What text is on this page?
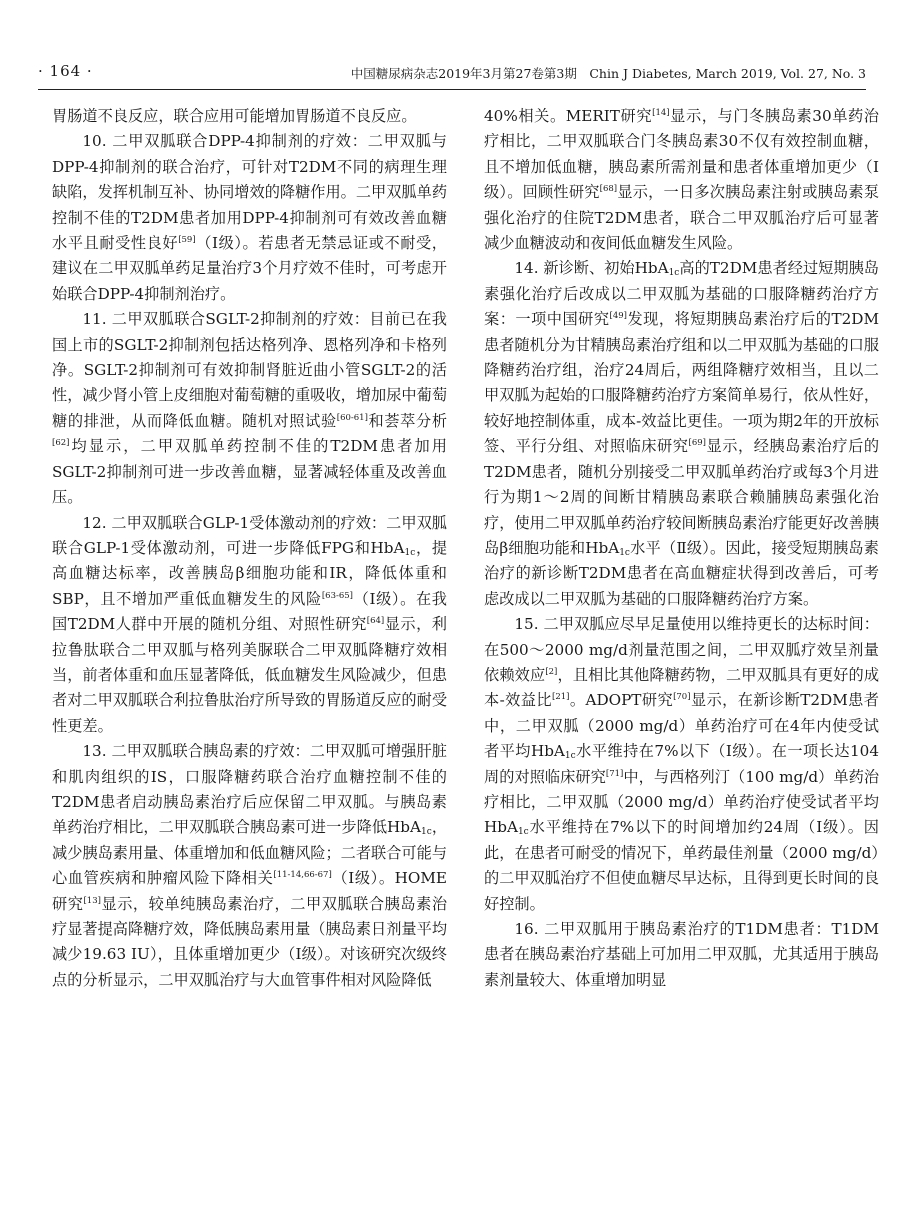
· 164 ·	中国糖尿病杂志2019年3月第27卷第3期　Chin J Diabetes, March 2019, Vol. 27, No. 3

胃肠道不良反应，联合应用可能增加胃肠道不良反应。

10. 二甲双胍联合DPP-4抑制剂的疗效：二甲双胍与DPP-4抑制剂的联合治疗，可针对T2DM不同的病理生理缺陷，发挥机制互补、协同增效的降糖作用。二甲双胍单药控制不佳的T2DM患者加用DPP-4抑制剂可有效改善血糖水平且耐受性良好[59]（Ⅰ级）。若患者无禁忌证或不耐受，建议在二甲双胍单药足量治疗3个月疗效不佳时，可考虑开始联合DPP-4抑制剂治疗。

11. 二甲双胍联合SGLT-2抑制剂的疗效：目前已在我国上市的SGLT-2抑制剂包括达格列净、恩格列净和卡格列净。SGLT-2抑制剂可有效抑制肾脏近曲小管SGLT-2的活性，减少肾小管上皮细胞对葡萄糖的重吸收，增加尿中葡萄糖的排泄，从而降低血糖。随机对照试验[60-61]和荟萃分析[62]均显示，二甲双胍单药控制不佳的T2DM患者加用SGLT-2抑制剂可进一步改善血糖，显著减轻体重及改善血压。

12. 二甲双胍联合GLP-1受体激动剂的疗效：二甲双胍联合GLP-1受体激动剂，可进一步降低FPG和HbA$_{1c}$，提高血糖达标率，改善胰岛β细胞功能和IR，降低体重和SBP，且不增加严重低血糖发生的风险[63-65]（Ⅰ级）。在我国T2DM人群中开展的随机分组、对照性研究[64]显示，利拉鲁肽联合二甲双胍与格列美脲联合二甲双胍降糖疗效相当，前者体重和血压显著降低，低血糖发生风险减少，但患者对二甲双胍联合利拉鲁肽治疗所导致的胃肠道反应的耐受性更差。

13. 二甲双胍联合胰岛素的疗效：二甲双胍可增强肝脏和肌肉组织的IS，口服降糖药联合治疗血糖控制不佳的T2DM患者启动胰岛素治疗后应保留二甲双胍。与胰岛素单药治疗相比，二甲双胍联合胰岛素可进一步降低HbA$_{1c}$，减少胰岛素用量、体重增加和低血糖风险；二者联合可能与心血管疾病和肿瘤风险下降相关[11-14,66-67]（Ⅰ级）。HOME研究[13]显示，较单纯胰岛素治疗，二甲双胍联合胰岛素治疗显著提高降糖疗效，降低胰岛素用量（胰岛素日剂量平均减少19.63 IU），且体重增加更少（Ⅰ级）。对该研究次级终点的分析显示，二甲双胍治疗与大血管事件相对风险降低

40%相关。MERIT研究[14]显示，与门冬胰岛素30单药治疗相比，二甲双胍联合门冬胰岛素30不仅有效控制血糖，且不增加低血糖，胰岛素所需剂量和患者体重增加更少（Ⅰ级）。回顾性研究[68]显示，一日多次胰岛素注射或胰岛素泵强化治疗的住院T2DM患者，联合二甲双胍治疗后可显著减少血糖波动和夜间低血糖发生风险。

14. 新诊断、初始HbA$_{1c}$高的T2DM患者经过短期胰岛素强化治疗后改成以二甲双胍为基础的口服降糖药治疗方案：一项中国研究[49]发现，将短期胰岛素治疗后的T2DM患者随机分为甘精胰岛素治疗组和以二甲双胍为基础的口服降糖药治疗组，治疗24周后，两组降糖疗效相当，且以二甲双胍为起始的口服降糖药治疗方案简单易行，依从性好，较好地控制体重，成本-效益比更佳。一项为期2年的开放标签、平行分组、对照临床研究[69]显示，经胰岛素治疗后的T2DM患者，随机分别接受二甲双胍单药治疗或每3个月进行为期1～2周的间断甘精胰岛素联合赖脯胰岛素强化治疗，使用二甲双胍单药治疗较间断胰岛素治疗能更好改善胰岛β细胞功能和HbA$_{1c}$水平（Ⅱ级）。因此，接受短期胰岛素治疗的新诊断T2DM患者在高血糖症状得到改善后，可考虑改成以二甲双胍为基础的口服降糖药治疗方案。

15. 二甲双胍应尽早足量使用以维持更长的达标时间：在500～2000 mg/d剂量范围之间，二甲双胍疗效呈剂量依赖效应[2]，且相比其他降糖药物，二甲双胍具有更好的成本-效益比[21]。ADOPT研究[70]显示，在新诊断T2DM患者中，二甲双胍（2000 mg/d）单药治疗可在4年内使受试者平均HbA$_{1c}$水平维持在7%以下（Ⅰ级）。在一项长达104周的对照临床研究[71]中，与西格列汀（100 mg/d）单药治疗相比，二甲双胍（2000 mg/d）单药治疗使受试者平均HbA$_{1c}$水平维持在7%以下的时间增加约24周（Ⅰ级）。因此，在患者可耐受的情况下，单药最佳剂量（2000 mg/d）的二甲双胍治疗不但使血糖尽早达标，且得到更长时间的良好控制。

16. 二甲双胍用于胰岛素治疗的T1DM患者：T1DM患者在胰岛素治疗基础上可加用二甲双胍，尤其适用于胰岛素剂量较大、体重增加明显
